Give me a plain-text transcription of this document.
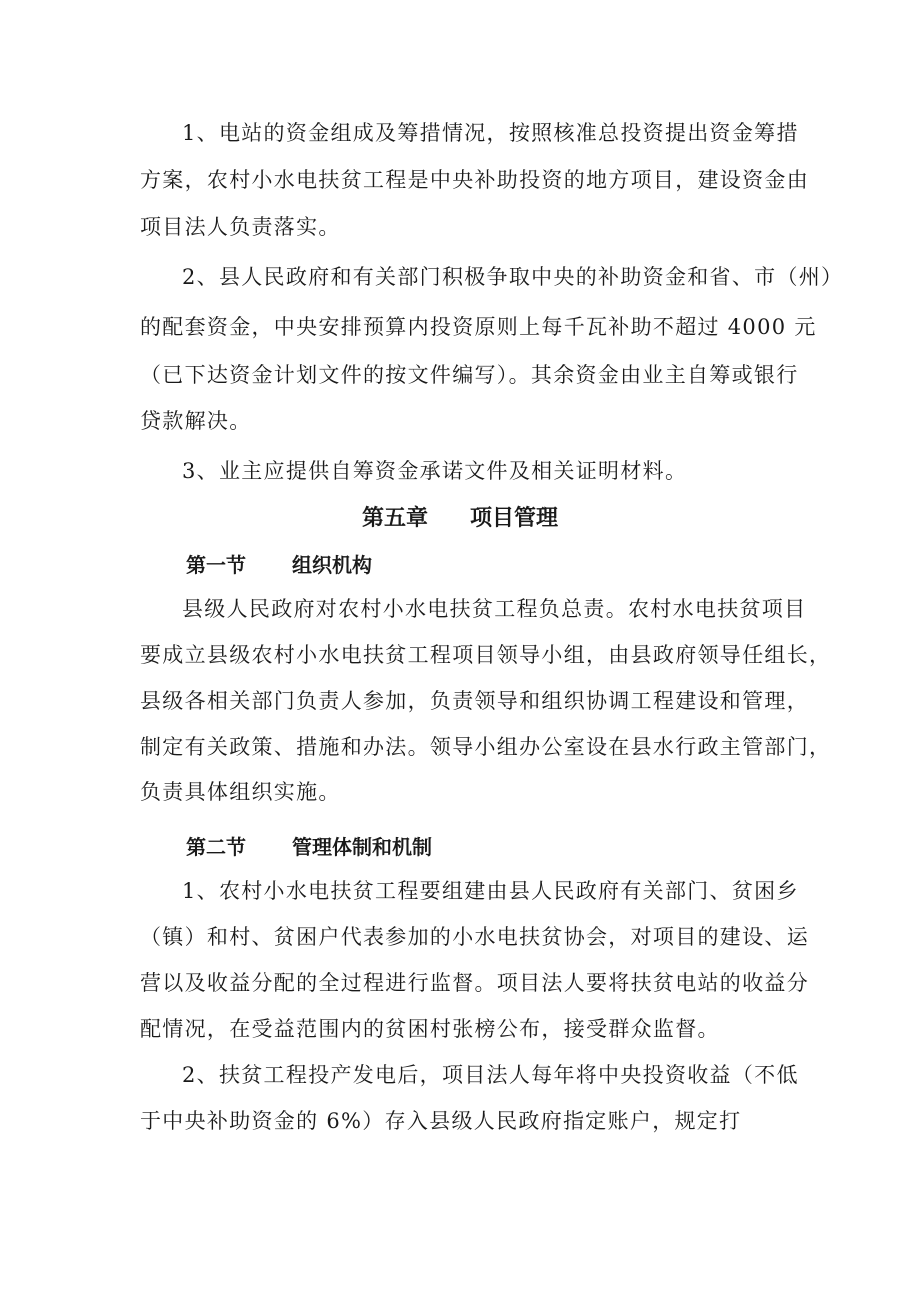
1、电站的资金组成及筹措情况，按照核准总投资提出资金筹措
方案，农村小水电扶贫工程是中央补助投资的地方项目，建设资金由
项目法人负责落实。
2、县人民政府和有关部门积极争取中央的补助资金和省、市（州）
的配套资金，中央安排预算内投资原则上每千瓦补助不超过 4000 元
（已下达资金计划文件的按文件编写）。其余资金由业主自筹或银行
贷款解决。
3、业主应提供自筹资金承诺文件及相关证明材料。
第五章 项目管理
第一节 组织机构
县级人民政府对农村小水电扶贫工程负总责。农村水电扶贫项目
要成立县级农村小水电扶贫工程项目领导小组，由县政府领导任组长，
县级各相关部门负责人参加，负责领导和组织协调工程建设和管理，
制定有关政策、措施和办法。领导小组办公室设在县水行政主管部门，
负责具体组织实施。
第二节 管理体制和机制
1、农村小水电扶贫工程要组建由县人民政府有关部门、贫困乡
（镇）和村、贫困户代表参加的小水电扶贫协会，对项目的建设、运
营以及收益分配的全过程进行监督。项目法人要将扶贫电站的收益分
配情况，在受益范围内的贫困村张榜公布，接受群众监督。
2、扶贫工程投产发电后，项目法人每年将中央投资收益（不低
于中央补助资金的 6%）存入县级人民政府指定账户，规定打
